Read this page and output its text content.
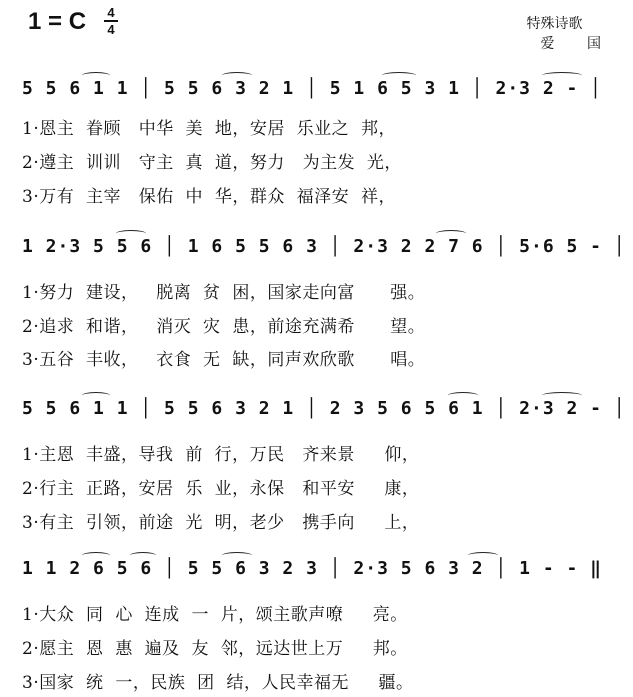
1 = C 4
4	特殊诗歌
爱 国
5 5 6 1 1 │ 5 5 6 3 2 1 │ 5 1 6 5 3 1 │ 2·3 2 - │
1·恩主  眷顾   中华  美  地，安居  乐业之  邦，
2·遵主  训训   守主  真  道，努力   为主发  光，
3·万有  主宰   保佑  中  华，群众  福泽安  祥，
1 2·3 5 5 6 │ 1 6 5 5 6 3 │ 2·3 2 2 7 6 │ 5·6 5 - │
1·努力  建设，   脱离  贫  困，国家走向富      强。
2·追求  和谐，   消灭  灾  患，前途充满希      望。
3·五谷  丰收，   衣食  无  缺，同声欢欣歌      唱。
5 5 6 1 1 │ 5 5 6 3 2 1 │ 2 3 5 6 5 6 1 │ 2·3 2 - │
1·主恩  丰盛，导我  前  行，万民   齐来景     仰，
2·行主  正路，安居  乐  业，永保   和平安     康，
3·有主  引领，前途  光  明，老少   携手向     上，
1 1 2 6 5 6 │ 5 5 6 3 2 3 │ 2·3 5 6 3 2 │ 1 - - ‖
1·大众  同  心  连成  一  片，颂主歌声嘹     亮。
2·愿主  恩  惠  遍及  友  邻，远达世上万     邦。
3·国家  统  一，民族  团  结，人民幸福无     疆。
